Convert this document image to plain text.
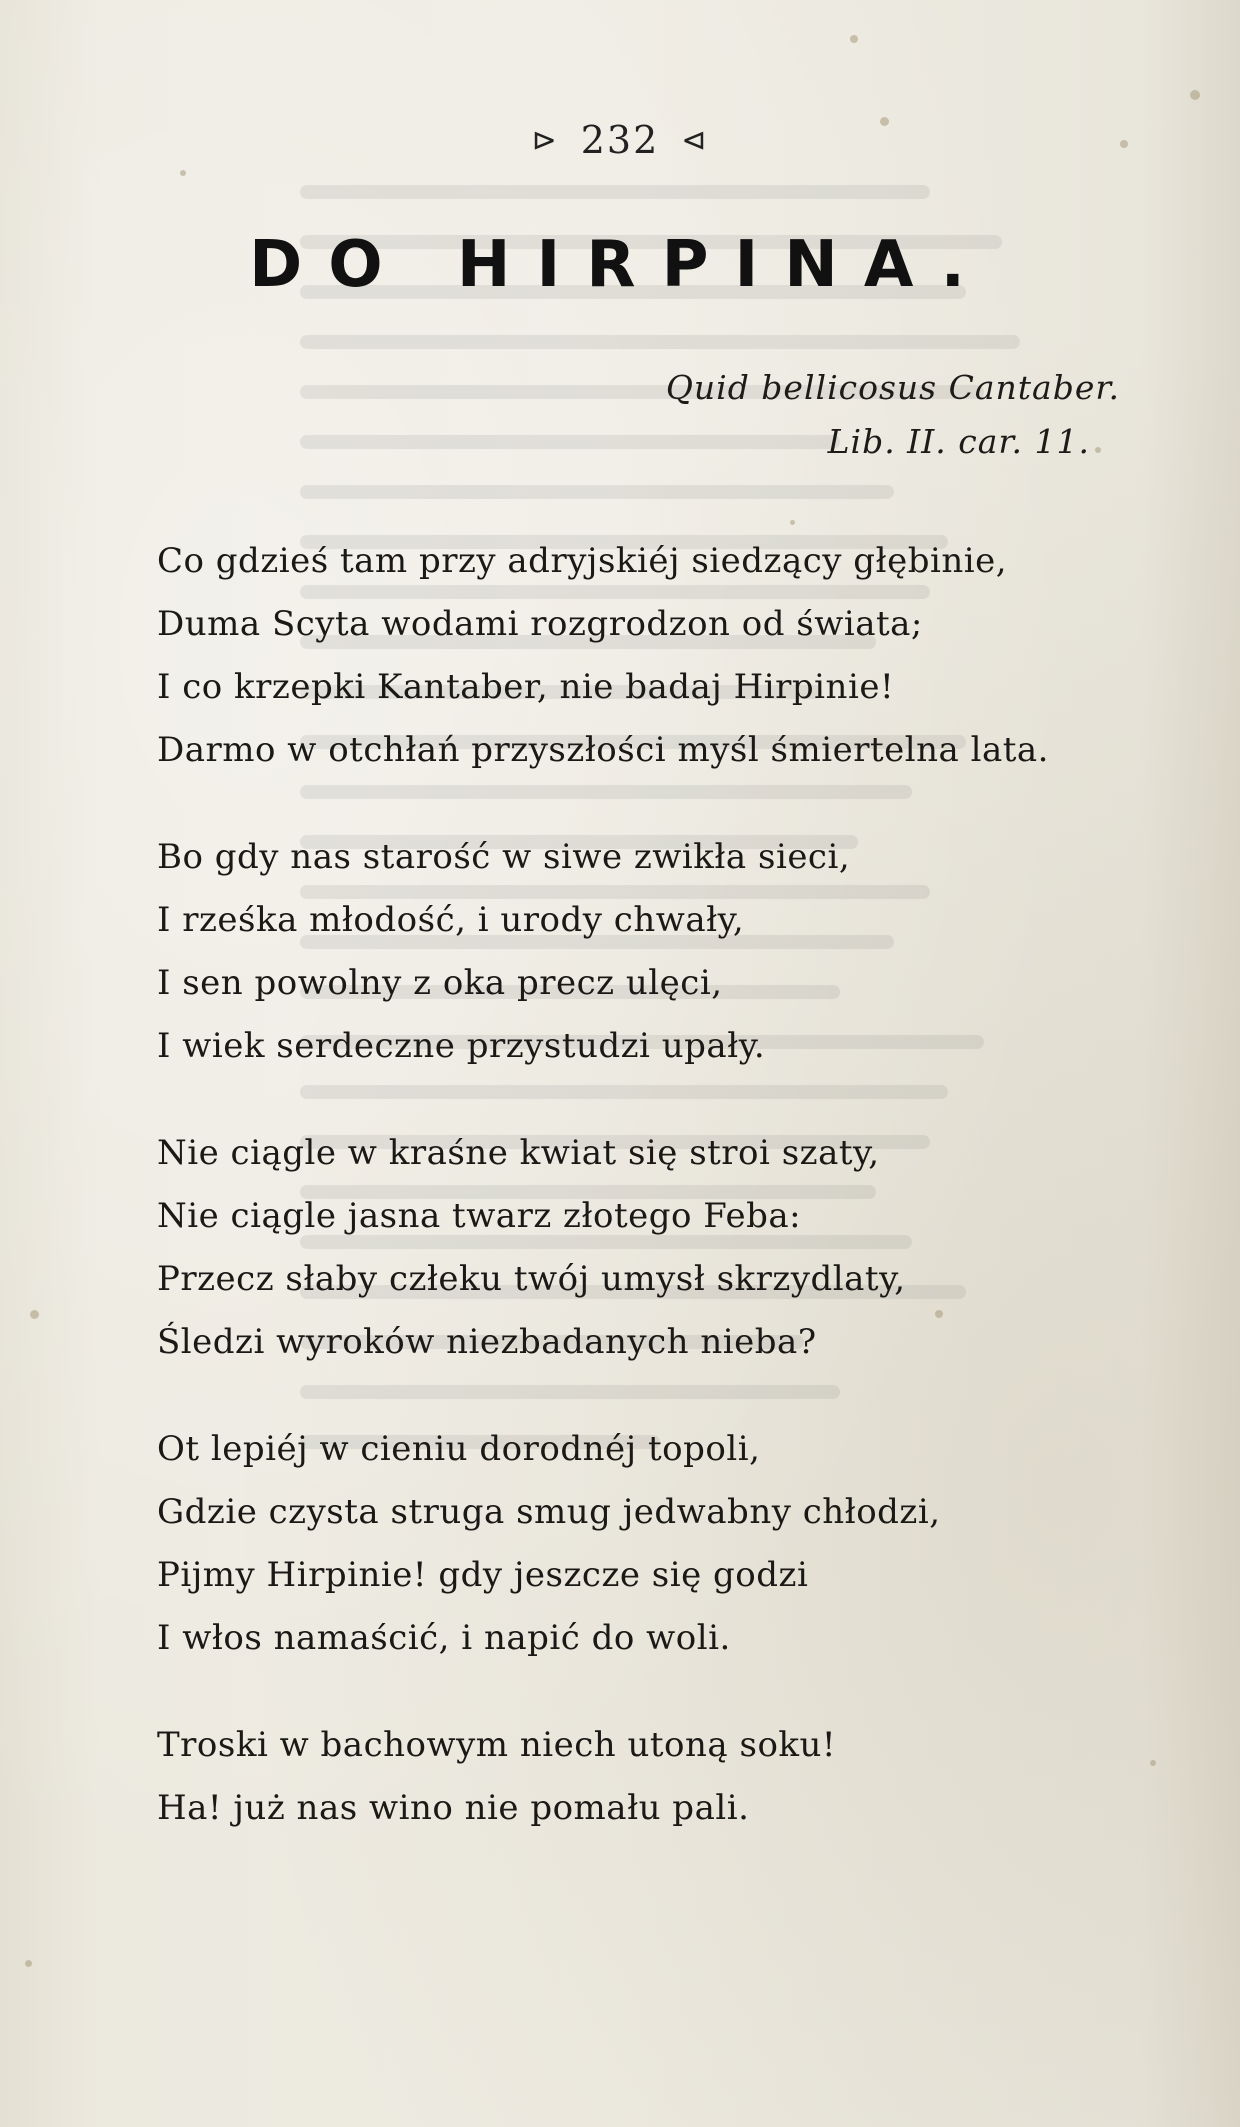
⊳ 232 ⊲
DO HIRPINA.
Quid bellicosus Cantaber.
Lib. II. car. 11.
Co gdzieś tam przy adryjskiéj siedzący głębinie,
Duma Scyta wodami rozgrodzon od świata;
I co krzepki Kantaber, nie badaj Hirpinie!
Darmo w otchłań przyszłości myśl śmiertelna lata.
Bo gdy nas starość w siwe zwikła sieci,
I rześka młodość, i urody chwały,
I sen powolny z oka precz ulęci,
I wiek serdeczne przystudzi upały.
Nie ciągle w kraśne kwiat się stroi szaty,
Nie ciągle jasna twarz złotego Feba:
Przecz słaby człeku twój umysł skrzydlaty,
Śledzi wyroków niezbadanych nieba?
Ot lepiéj w cieniu dorodnéj topoli,
Gdzie czysta struga smug jedwabny chłodzi,
Pijmy Hirpinie! gdy jeszcze się godzi
I włos namaścić, i napić do woli.
Troski w bachowym niech utoną soku!
Ha! już nas wino nie pomału pali.
